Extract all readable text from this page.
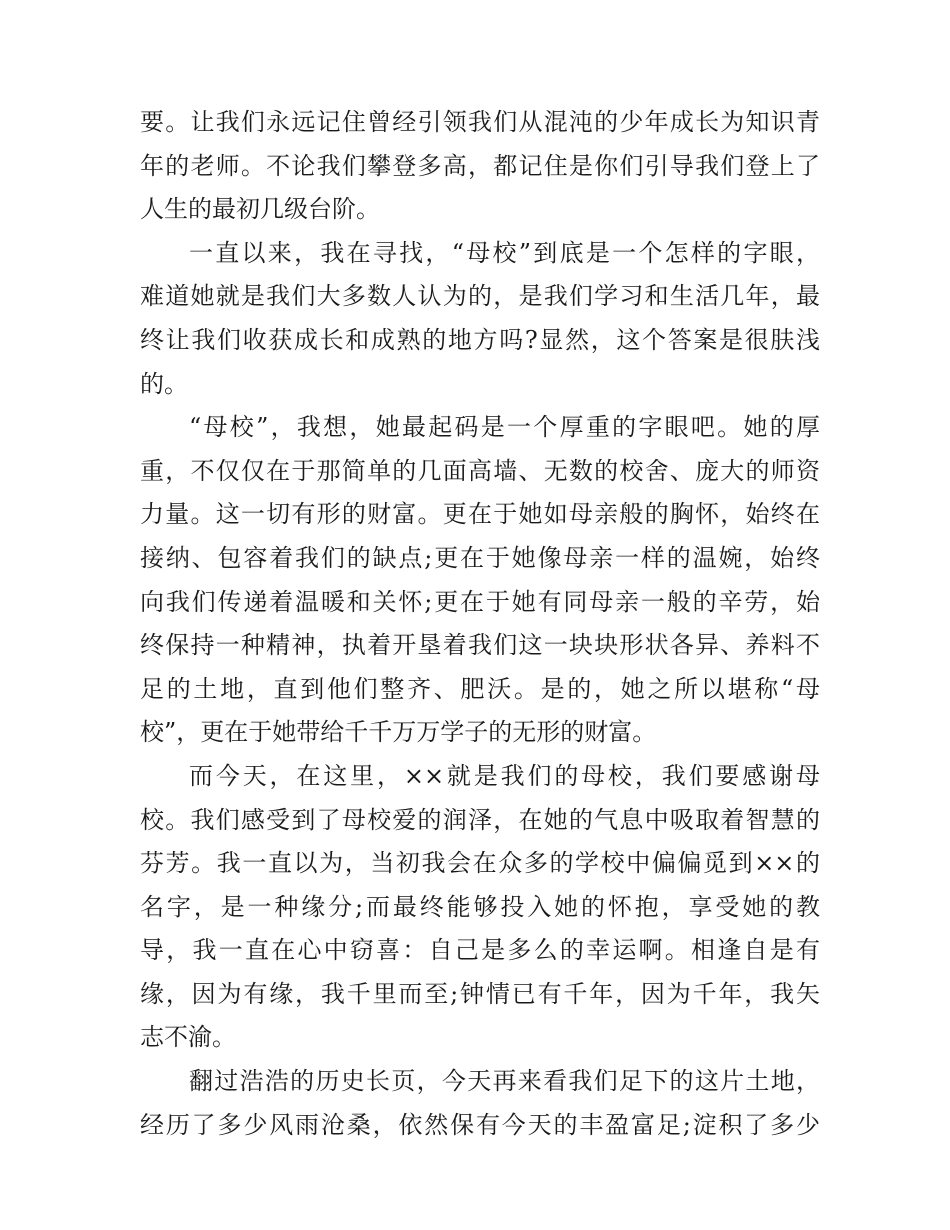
要。让我们永远记住曾经引领我们从混沌的少年成长为知识青
年的老师。不论我们攀登多高，都记住是你们引导我们登上了
人生的最初几级台阶。
一直以来，我在寻找，“母校”到底是一个怎样的字眼，
难道她就是我们大多数人认为的，是我们学习和生活几年，最
终让我们收获成长和成熟的地方吗?显然，这个答案是很肤浅
的。
“母校”，我想，她最起码是一个厚重的字眼吧。她的厚
重，不仅仅在于那简单的几面高墙、无数的校舍、庞大的师资
力量。这一切有形的财富。更在于她如母亲般的胸怀，始终在
接纳、包容着我们的缺点;更在于她像母亲一样的温婉，始终
向我们传递着温暖和关怀;更在于她有同母亲一般的辛劳，始
终保持一种精神，执着开垦着我们这一块块形状各异、养料不
足的土地，直到他们整齐、肥沃。是的，她之所以堪称“母
校”，更在于她带给千千万万学子的无形的财富。
而今天，在这里，××就是我们的母校，我们要感谢母
校。我们感受到了母校爱的润泽，在她的气息中吸取着智慧的
芬芳。我一直以为，当初我会在众多的学校中偏偏觅到××的
名字，是一种缘分;而最终能够投入她的怀抱，享受她的教
导，我一直在心中窃喜：自己是多么的幸运啊。相逢自是有
缘，因为有缘，我千里而至;钟情已有千年，因为千年，我矢
志不渝。
翻过浩浩的历史长页，今天再来看我们足下的这片土地，
经历了多少风雨沧桑，依然保有今天的丰盈富足;淀积了多少
